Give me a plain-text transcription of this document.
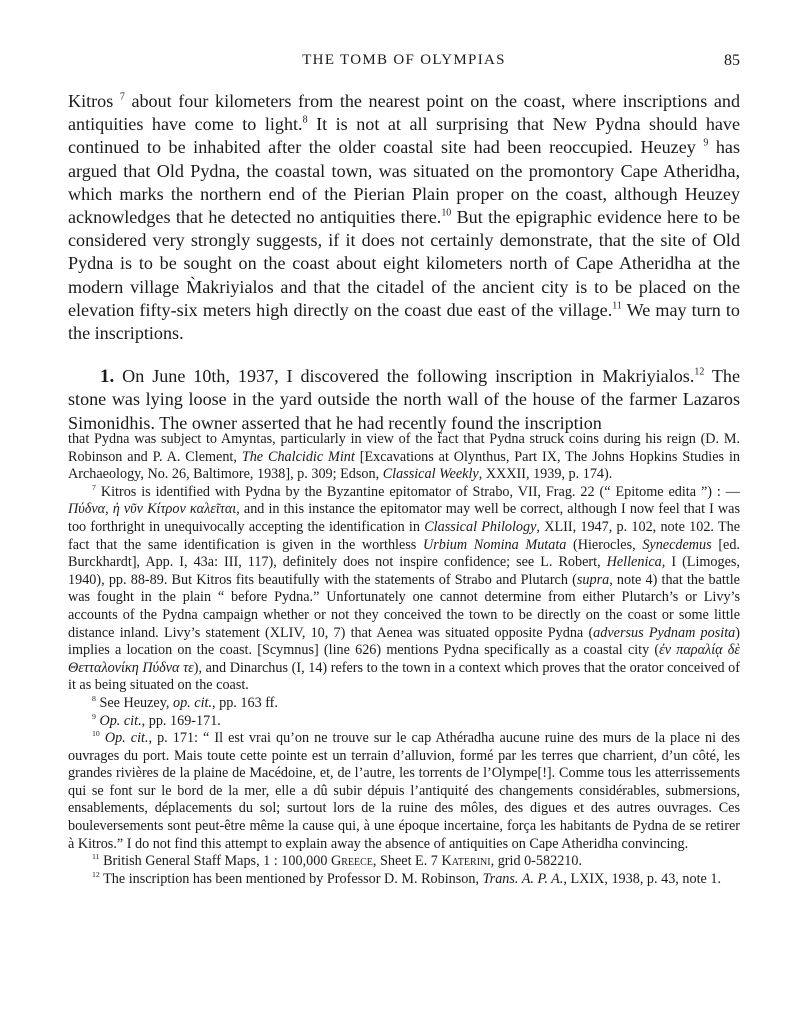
THE TOMB OF OLYMPIAS	85

Kitros $^7$ about four kilometers from the nearest point on the coast, where inscriptions and antiquities have come to light.$^8$ It is not at all surprising that New Pydna should have continued to be inhabited after the older coastal site had been reoccupied. Heuzey $^9$ has argued that Old Pydna, the coastal town, was situated on the promontory Cape Atheridha, which marks the northern end of the Pierian Plain proper on the coast, although Heuzey acknowledges that he detected no antiquities there.$^{10}$ But the epigraphic evidence here to be considered very strongly suggests, if it does not certainly demonstrate, that the site of Old Pydna is to be sought on the coast about eight kilometers north of Cape Atheridha at the modern village M̀akriyialos and that the citadel of the ancient city is to be placed on the elevation fifty-six meters high directly on the coast due east of the village.$^{11}$ We may turn to the inscriptions.

1. On June 10th, 1937, I discovered the following inscription in Makriyialos.$^{12}$ The stone was lying loose in the yard outside the north wall of the house of the farmer Lazaros Simonidhis. The owner asserted that he had recently found the inscription

that Pydna was subject to Amyntas, particularly in view of the fact that Pydna struck coins during his reign (D. M. Robinson and P. A. Clement, The Chalcidic Mint [Excavations at Olynthus, Part IX, The Johns Hopkins Studies in Archaeology, No. 26, Baltimore, 1938], p. 309; Edson, Classical Weekly, XXXII, 1939, p. 174).

$^7$ Kitros is identified with Pydna by the Byzantine epitomator of Strabo, VII, Frag. 22 (“ Epitome edita ”) : — Πύδνα, ἡ νῦν Κίτρον καλεῖται, and in this instance the epitomator may well be correct, although I now feel that I was too forthright in unequivocally accepting the identification in Classical Philology, XLII, 1947, p. 102, note 102. The fact that the same identification is given in the worthless Urbium Nomina Mutata (Hierocles, Synecdemus [ed. Burckhardt], App. I, 43a: III, 117), definitely does not inspire confidence; see L. Robert, Hellenica, I (Limoges, 1940), pp. 88-89. But Kitros fits beautifully with the statements of Strabo and Plutarch (supra, note 4) that the battle was fought in the plain “ before Pydna.” Unfortunately one cannot determine from either Plutarch’s or Livy’s accounts of the Pydna campaign whether or not they conceived the town to be directly on the coast or some little distance inland. Livy’s statement (XLIV, 10, 7) that Aenea was situated opposite Pydna (adversus Pydnam posita) implies a location on the coast. [Scymnus] (line 626) mentions Pydna specifically as a coastal city (ἐν παραλίᾳ δὲ Θετταλονίκη Πύδνα τε), and Dinarchus (I, 14) refers to the town in a context which proves that the orator conceived of it as being situated on the coast.

$^8$ See Heuzey, op. cit., pp. 163 ff.

$^9$ Op. cit., pp. 169-171.

$^{10}$ Op. cit., p. 171: “ Il est vrai qu’on ne trouve sur le cap Athéradha aucune ruine des murs de la place ni des ouvrages du port. Mais toute cette pointe est un terrain d’alluvion, formé par les terres que charrient, d’un côté, les grandes rivières de la plaine de Macédoine, et, de l’autre, les torrents de l’Olympe[!]. Comme tous les atterrissements qui se font sur le bord de la mer, elle a dû subir dépuis l’antiquité des changements considérables, submersions, ensablements, déplacements du sol; surtout lors de la ruine des môles, des digues et des autres ouvrages. Ces bouleversements sont peut-être même la cause qui, à une époque incertaine, força les habitants de Pydna de se retirer à Kitros.” I do not find this attempt to explain away the absence of antiquities on Cape Atheridha convincing.

$^{11}$ British General Staff Maps, 1 : 100,000 Greece, Sheet E. 7 Katerini, grid 0-582210.

$^{12}$ The inscription has been mentioned by Professor D. M. Robinson, Trans. A. P. A., LXIX, 1938, p. 43, note 1.
